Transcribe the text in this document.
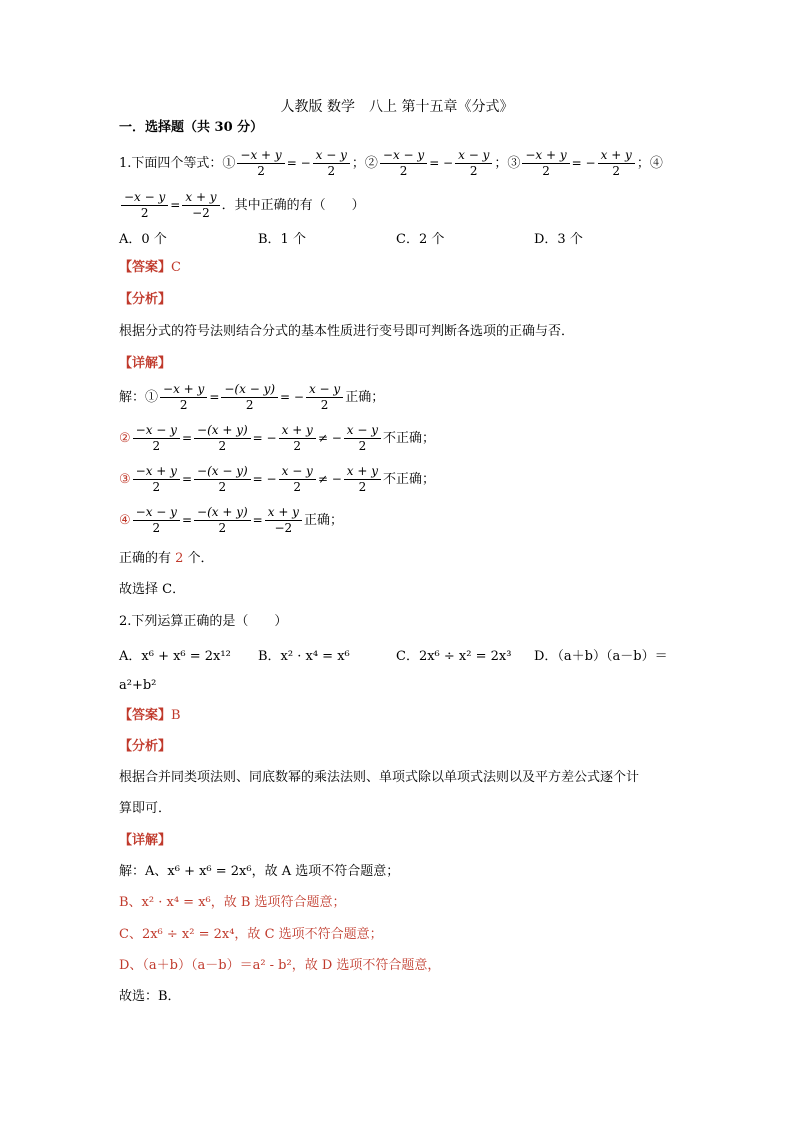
人教版 数学　八上 第十五章《分式》
一．选择题（共 30 分）
1.下面四个等式：① $\frac{-x + y}{2}$ = − $\frac{x - y}{2}$ ；② $\frac{-x - y}{2}$ = − $\frac{x - y}{2}$ ；③ $\frac{-x + y}{2}$ = − $\frac{x + y}{2}$ ；④
$\frac{-x - y}{2} = \frac{x + y}{-2}$ ．其中正确的有（　　）
A．0 个	B．1 个	C．2 个	D．3 个
【答案】C
【分析】
根据分式的符号法则结合分式的基本性质进行变号即可判断各选项的正确与否．
【详解】
解：① $\frac{-x + y}{2} = \frac{-(x - y)}{2}$ = − $\frac{x - y}{2}$ 正确；
② $\frac{-x - y}{2} = \frac{-(x + y)}{2}$ = − $\frac{x + y}{2}$ ≠ − $\frac{x - y}{2}$ 不正确；
③ $\frac{-x + y}{2} = \frac{-(x - y)}{2}$ = − $\frac{x - y}{2}$ ≠ − $\frac{x + y}{2}$ 不正确；
④ $\frac{-x - y}{2} = \frac{-(x + y)}{2} = \frac{x + y}{-2}$ 正确；
正确的有 2 个．
故选择 C．
2.下列运算正确的是（　　）
A．x⁶ + x⁶ = 2x¹² B．x² · x⁴ = x⁶	C．2x⁶ ÷ x² = 2x³ D．（a＋b）（a－b）＝
a²+b²
【答案】B
【分析】
根据合并同类项法则、同底数幂的乘法法则、单项式除以单项式法则以及平方差公式逐个计
算即可．
【详解】
解：A、x⁶ + x⁶ = 2x⁶，故 A 选项不符合题意；
B、x² · x⁴ = x⁶，故 B 选项符合题意；
C、2x⁶ ÷ x² = 2x⁴，故 C 选项不符合题意；
D、（a＋b）（a－b）＝a² - b²，故 D 选项不符合题意，
故选：B．
